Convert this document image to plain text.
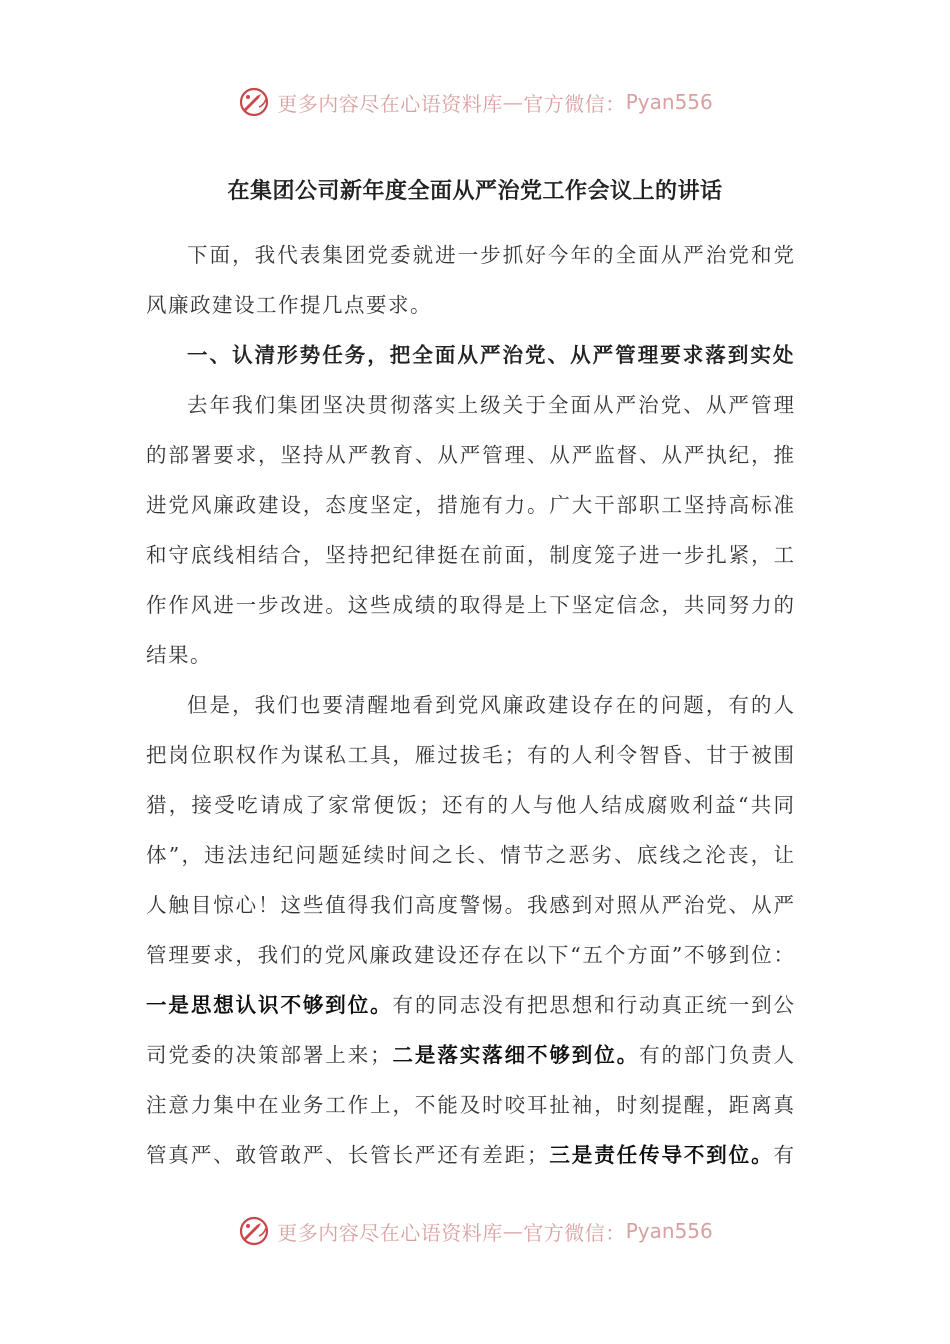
更多内容尽在心语资料库 — 官方微信： Pyan556
在集团公司新年度全面从严治党工作会议上的讲话
下面，我代表集团党委就进一步抓好今年的全面从严治党和党
风廉政建设工作提几点要求。
一、认清形势任务，把全面从严治党、从严管理要求落到实处
去年我们集团坚决贯彻落实上级关于全面从严治党、从严管理
的部署要求，坚持从严教育、从严管理、从严监督、从严执纪，推
进党风廉政建设，态度坚定，措施有力。广大干部职工坚持高标准
和守底线相结合，坚持把纪律挺在前面，制度笼子进一步扎紧，工
作作风进一步改进。这些成绩的取得是上下坚定信念，共同努力的
结果。
但是，我们也要清醒地看到党风廉政建设存在的问题，有的人
把岗位职权作为谋私工具，雁过拔毛；有的人利令智昏、甘于被围
猎，接受吃请成了家常便饭；还有的人与他人结成腐败利益“共同
体”，违法违纪问题延续时间之长、情节之恶劣、底线之沦丧，让
人触目惊心！这些值得我们高度警惕。我感到对照从严治党、从严
管理要求，我们的党风廉政建设还存在以下“五个方面”不够到位：
一是思想认识不够到位。有的同志没有把思想和行动真正统一到公
司党委的决策部署上来；二是落实落细不够到位。有的部门负责人
注意力集中在业务工作上，不能及时咬耳扯袖，时刻提醒，距离真
管真严、敢管敢严、长管长严还有差距；三是责任传导不到位。有
更多内容尽在心语资料库 — 官方微信： Pyan556
